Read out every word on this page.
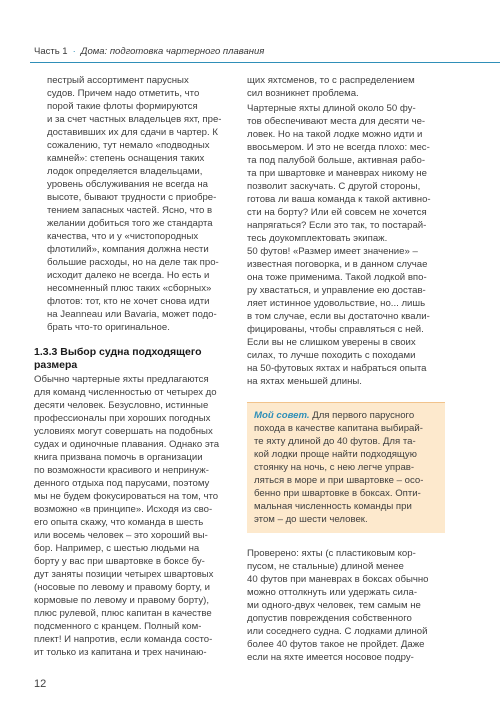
Часть 1 · Дома: подготовка чартерного плавания

пестрый ассортимент парусных
судов. Причем надо отметить, что
порой такие флоты формируются
и за счет частных владельцев яхт, пре-
доставивших их для сдачи в чартер. К
сожалению, тут немало «подводных
камней»: степень оснащения таких
лодок определяется владельцами,
уровень обслуживания не всегда на
высоте, бывают трудности с приобре-
тением запасных частей. Ясно, что в
желании добиться того же стандарта
качества, что и у «чистопородных
флотилий», компания должна нести
большие расходы, но на деле так про-
исходит далеко не всегда. Но есть и
несомненный плюс таких «сборных»
флотов: тот, кто не хочет снова идти
на Jeanneau или Bavaria, может подо-
брать что-то оригинальное.

1.3.3 Выбор судна подходящего
размера

Обычно чартерные яхты предлагаются
для команд численностью от четырех до
десяти человек. Безусловно, истинные
профессионалы при хороших погодных
условиях могут совершать на подобных
судах и одиночные плавания. Однако эта
книга призвана помочь в организации
по возможности красивого и непринуж-
денного отдыха под парусами, поэтому
мы не будем фокусироваться на том, что
возможно «в принципе». Исходя из сво-
его опыта скажу, что команда в шесть
или восемь человек – это хороший вы-
бор. Например, с шестью людьми на
борту у вас при швартовке в боксе бу-
дут заняты позиции четырех швартовых
(носовые по левому и правому борту, и
кормовые по левому и правому борту),
плюс рулевой, плюс капитан в качестве
подсменного с кранцем. Полный ком-
плект! И напротив, если команда состо-
ит только из капитана и трех начинаю-

щих яхтсменов, то с распределением
сил возникнет проблема.

Чартерные яхты длиной около 50 фу-
тов обеспечивают места для десяти че-
ловек. Но на такой лодке можно идти и
ввосьмером. И это не всегда плохо: мес-
та под палубой больше, активная рабо-
та при швартовке и маневрах никому не
позволит заскучать. С другой стороны,
готова ли ваша команда к такой активно-
сти на борту? Или ей совсем не хочется
напрягаться? Если это так, то постарай-
тесь доукомплектовать экипаж.

50 футов! «Размер имеет значение» –
известная поговорка, и в данном случае
она тоже применима. Такой лодкой впо-
ру хвастаться, и управление ею достав-
ляет истинное удовольствие, но... лишь
в том случае, если вы достаточно квали-
фицированы, чтобы справляться с ней.
Если вы не слишком уверены в своих
силах, то лучше походить с походами
на 50-футовых яхтах и набраться опыта
на яхтах меньшей длины.

Мой совет. Для первого парусного
похода в качестве капитана выбирай-
те яхту длиной до 40 футов. Для та-
кой лодки проще найти подходящую
стоянку на ночь, с нею легче управ-
ляться в море и при швартовке – осо-
бенно при швартовке в боксах. Опти-
мальная численность команды при
этом – до шести человек.

Проверено: яхты (с пластиковым кор-
пусом, не стальные) длиной менее
40 футов при маневрах в боксах обычно
можно оттолкнуть или удержать сила-
ми одного-двух человек, тем самым не
допустив повреждения собственного
или соседнего судна. С лодками длиной
более 40 футов такое не пройдет. Даже
если на яхте имеется носовое подру-

12
